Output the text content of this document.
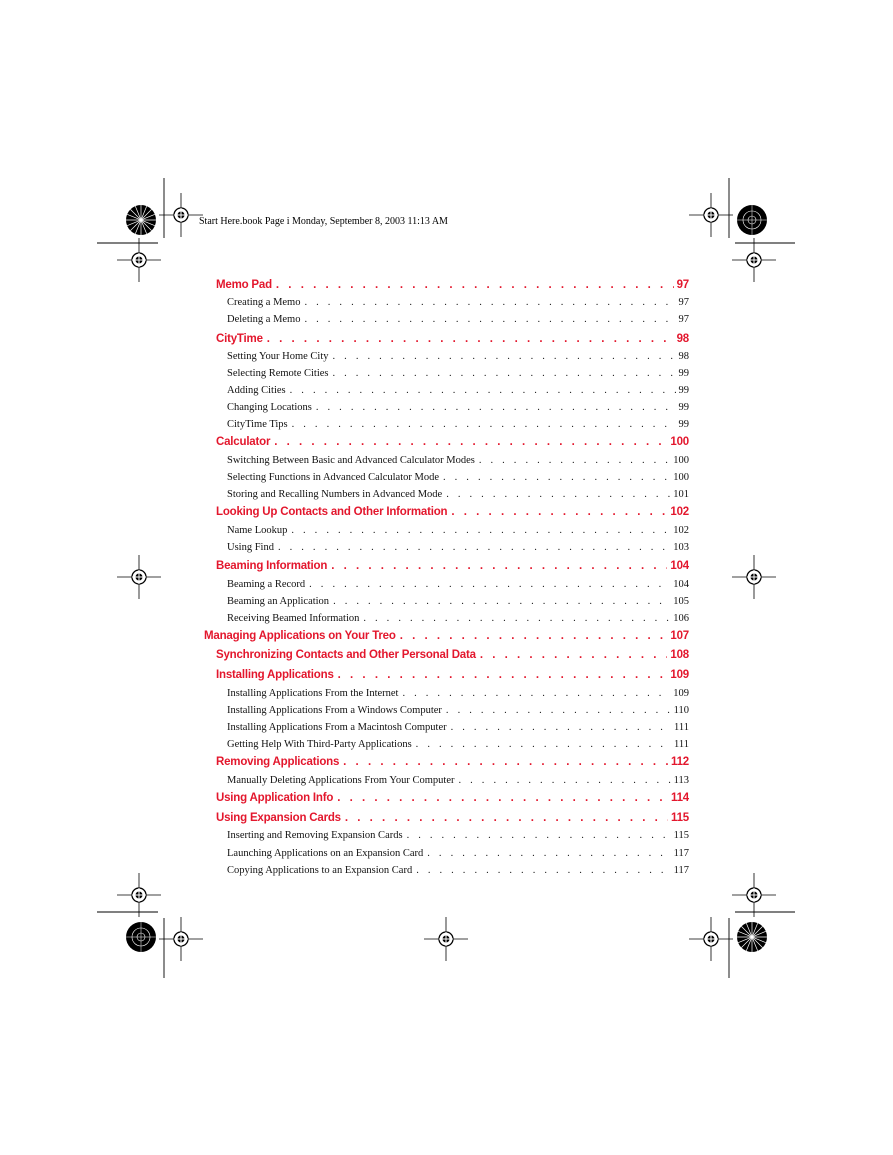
Start Here.book Page i Monday, September 8, 2003 11:13 AM
Memo Pad . . .	97
Creating a Memo . . .	97
Deleting a Memo . . .	97
CityTime . . .	98
Setting Your Home City . . .	98
Selecting Remote Cities . . .	99
Adding Cities . . .	99
Changing Locations . . .	99
CityTime Tips . . .	99
Calculator . . .	100
Switching Between Basic and Advanced Calculator Modes . . .	100
Selecting Functions in Advanced Calculator Mode . . .	100
Storing and Recalling Numbers in Advanced Mode . . .	101
Looking Up Contacts and Other Information . . .	102
Name Lookup . . .	102
Using Find . . .	103
Beaming Information . . .	104
Beaming a Record . . .	104
Beaming an Application . . .	105
Receiving Beamed Information . . .	106
Managing Applications on Your Treo . . .	107
Synchronizing Contacts and Other Personal Data . . .	108
Installing Applications . . .	109
Installing Applications From the Internet . . .	109
Installing Applications From a Windows Computer . . .	110
Installing Applications From a Macintosh Computer . . .	111
Getting Help With Third-Party Applications . . .	111
Removing Applications . . .	112
Manually Deleting Applications From Your Computer . . .	113
Using Application Info . . .	114
Using Expansion Cards . . .	115
Inserting and Removing Expansion Cards . . .	115
Launching Applications on an Expansion Card . . .	117
Copying Applications to an Expansion Card . . .	117
